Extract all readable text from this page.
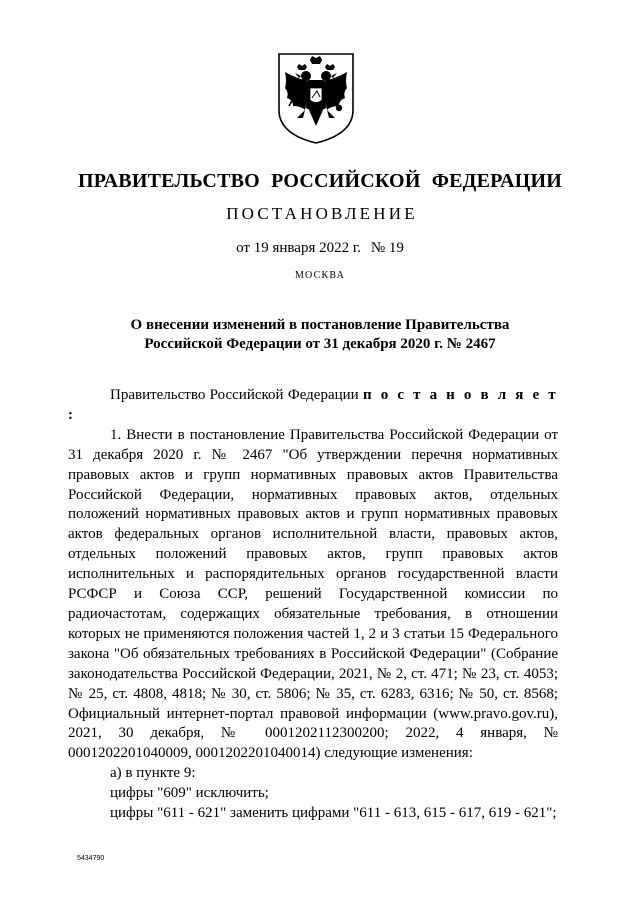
ПРАВИТЕЛЬСТВО РОССИЙСКОЙ ФЕДЕРАЦИИ
ПОСТАНОВЛЕНИЕ
от 19 января 2022 г. № 19
МОСКВА
О внесении изменений в постановление Правительства
Российской Федерации от 31 декабря 2020 г. № 2467

Правительство Российской Федерации п о с т а н о в л я е т :

1. Внести в постановление Правительства Российской Федерации от 31 декабря 2020 г. № 2467 "Об утверждении перечня нормативных правовых актов и групп нормативных правовых актов Правительства Российской Федерации, нормативных правовых актов, отдельных положений нормативных правовых актов и групп нормативных правовых актов федеральных органов исполнительной власти, правовых актов, отдельных положений правовых актов, групп правовых актов исполнительных и распорядительных органов государственной власти РСФСР и Союза ССР, решений Государственной комиссии по радиочастотам, содержащих обязательные требования, в отношении которых не применяются положения частей 1, 2 и 3 статьи 15 Федерального закона "Об обязательных требованиях в Российской Федерации" (Собрание законодательства Российской Федерации, 2021, № 2, ст. 471; № 23, ст. 4053; № 25, ст. 4808, 4818; № 30, ст. 5806; № 35, ст. 6283, 6316; № 50, ст. 8568; Официальный интернет-портал правовой информации (www.pravo.gov.ru), 2021, 30 декабря, № 0001202112300200; 2022, 4 января, № 0001202201040009, 0001202201040014) следующие изменения:

а) в пункте 9:

цифры "609" исключить;

цифры "611 - 621" заменить цифрами "611 - 613, 615 - 617, 619 - 621";

5434790
